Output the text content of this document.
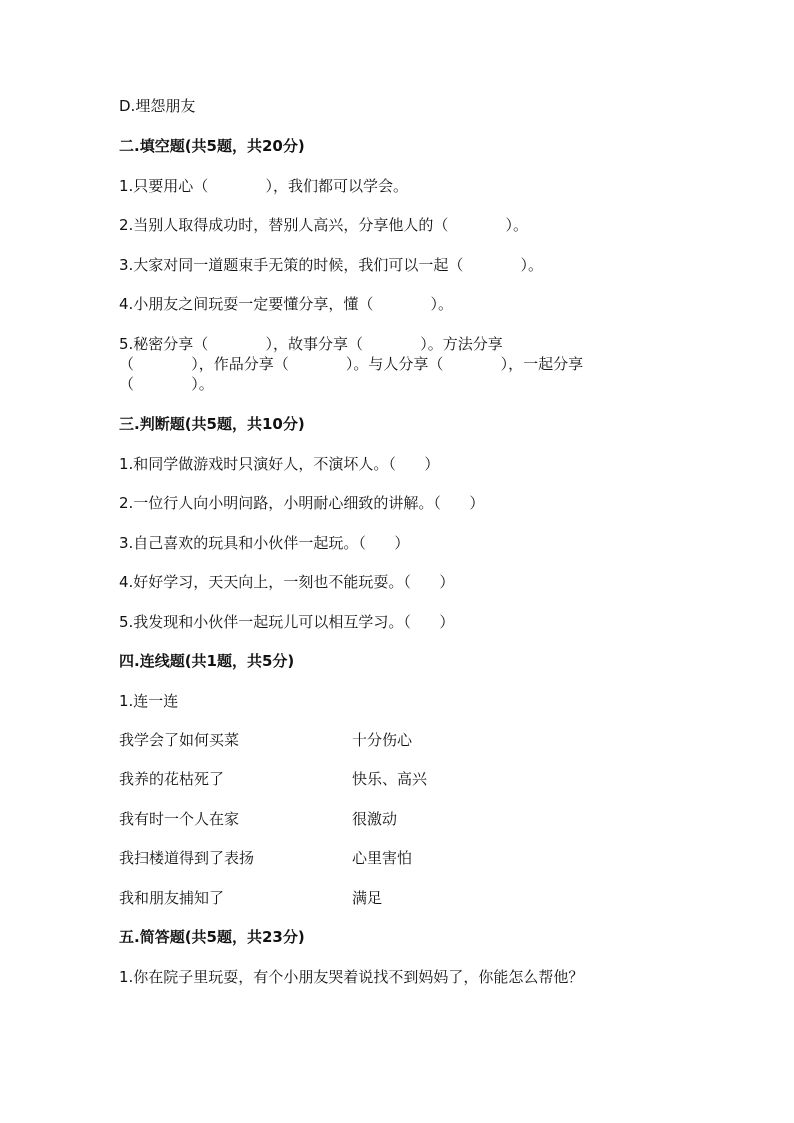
D.埋怨朋友
二.填空题(共5题，共20分)
1.只要用心（            ），我们都可以学会。
2.当别人取得成功时，替别人高兴，分享他人的（            ）。
3.大家对同一道题束手无策的时候，我们可以一起（            ）。
4.小朋友之间玩耍一定要懂分享，懂（            ）。
5.秘密分享（            ），故事分享（            ）。方法分享
（            ），作品分享（            ）。与人分享（            ），一起分享
（            ）。
三.判断题(共5题，共10分)
1.和同学做游戏时只演好人，不演坏人。（      ）
2.一位行人向小明问路，小明耐心细致的讲解。（      ）
3.自己喜欢的玩具和小伙伴一起玩。（      ）
4.好好学习，天天向上，一刻也不能玩耍。（      ）
5.我发现和小伙伴一起玩儿可以相互学习。（      ）
四.连线题(共1题，共5分)
1.连一连
我学会了如何买菜	十分伤心
我养的花枯死了	快乐、高兴
我有时一个人在家	很激动
我扫楼道得到了表扬	心里害怕
我和朋友捕知了	满足
五.简答题(共5题，共23分)
1.你在院子里玩耍，有个小朋友哭着说找不到妈妈了，你能怎么帮他？
